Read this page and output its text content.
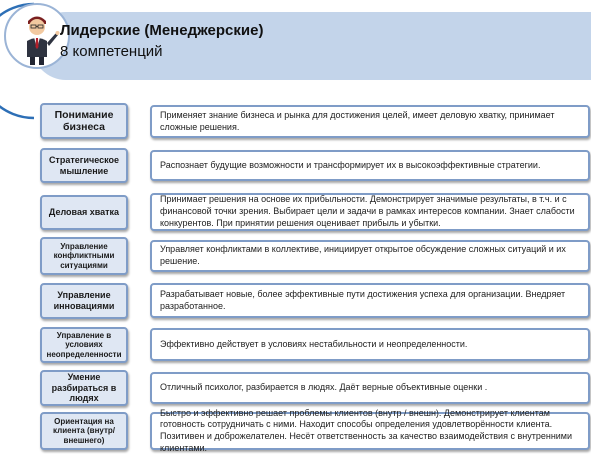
Лидерские (Менеджерские)
8 компетенций
Понимание бизнеса
Применяет знание бизнеса и рынка для достижения целей, имеет деловую хватку, принимает сложные решения.
Стратегическое мышление
Распознает будущие возможности и трансформирует их в высокоэффективные стратегии.
Деловая хватка
Принимает решения на основе их прибыльности. Демонстрирует значимые результаты, в т.ч. и с финансовой точки зрения. Выбирает цели и задачи в рамках интересов компании. Знает слабости конкурентов. При принятии решения оценивает прибыль и убытки.
Управление конфликтными ситуациями
Управляет конфликтами в коллективе, инициирует открытое обсуждение сложных ситуаций и их решение.
Управление инновациями
Разрабатывает новые, более эффективные пути достижения успеха для организации. Внедряет разработанное.
Управление в условиях неопределенности
Эффективно действует в условиях нестабильности и неопределенности.
Умение разбираться в людях
Отличный психолог, разбирается в людях. Даёт верные объективные оценки .
Ориентация на клиента (внутр/внешнего)
Быстро и эффективно решает проблемы клиентов (внутр / внешн). Демонстрирует клиентам готовность сотрудничать с ними. Находит способы определения удовлетворённости клиента. Позитивен и доброжелателен. Несёт ответственность за качество взаимодействия с внутренними клиентами.
